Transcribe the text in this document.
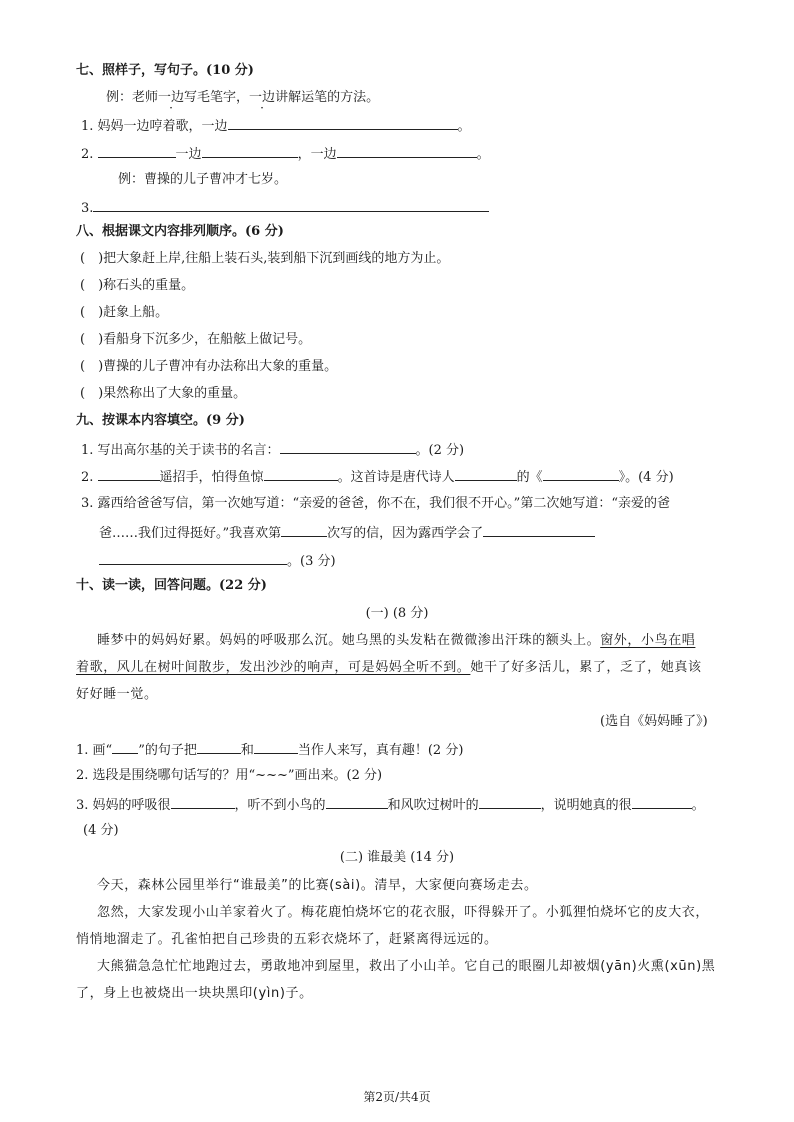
七、照样子，写句子。(10 分)
例：老师一边写毛笔字，一边讲解运笔的方法。
1. 妈妈一边哼着歌，一边	。
2.	一边	，一边	。
例：曹操的儿子曹冲才七岁。
3.
八、根据课文内容排列顺序。(6 分)
(　)把大象赶上岸,往船上装石头,装到船下沉到画线的地方为止。
(　)称石头的重量。
(　)赶象上船。
(　)看船身下沉多少，在船舷上做记号。
(　)曹操的儿子曹冲有办法称出大象的重量。
(　)果然称出了大象的重量。
九、按课本内容填空。(9 分)
1. 写出高尔基的关于读书的名言：	。(2 分)
2.	遥招手，怕得鱼惊	。这首诗是唐代诗人	的《	》。(4 分)
3. 露西给爸爸写信，第一次她写道：“亲爱的爸爸，你不在，我们很不开心。”第二次她写道：“亲爱的爸
爸……我们过得挺好。”我喜欢第	次写的信，因为露西学会了
。(3 分)
十、读一读，回答问题。(22 分)
(一) (8 分)
睡梦中的妈妈好累。妈妈的呼吸那么沉。她乌黑的头发粘在微微渗出汗珠的额头上。窗外，小鸟在唱
着歌，风儿在树叶间散步，发出沙沙的响声，可是妈妈全听不到。她干了好多活儿，累了，乏了，她真该
好好睡一觉。
(选自《妈妈睡了》)
1. 画“ ”的句子把	和	当作人来写，真有趣！(2 分)
2. 选段是围绕哪句话写的？用“~~~”画出来。(2 分)
3. 妈妈的呼吸很	，听不到小鸟的	和风吹过树叶的	，说明她真的很	。
(4 分)
(二) 谁最美 (14 分)
今天，森林公园里举行“谁最美”的比赛(sài)。清早，大家便向赛场走去。
忽然，大家发现小山羊家着火了。梅花鹿怕烧坏它的花衣服，吓得躲开了。小狐狸怕烧坏它的皮大衣，
悄悄地溜走了。孔雀怕把自己珍贵的五彩衣烧坏了，赶紧离得远远的。
大熊猫急急忙忙地跑过去，勇敢地冲到屋里，救出了小山羊。它自己的眼圈儿却被烟(yān)火熏(xūn)黑
了，身上也被烧出一块块黑印(yìn)子。
第2页/共4页
